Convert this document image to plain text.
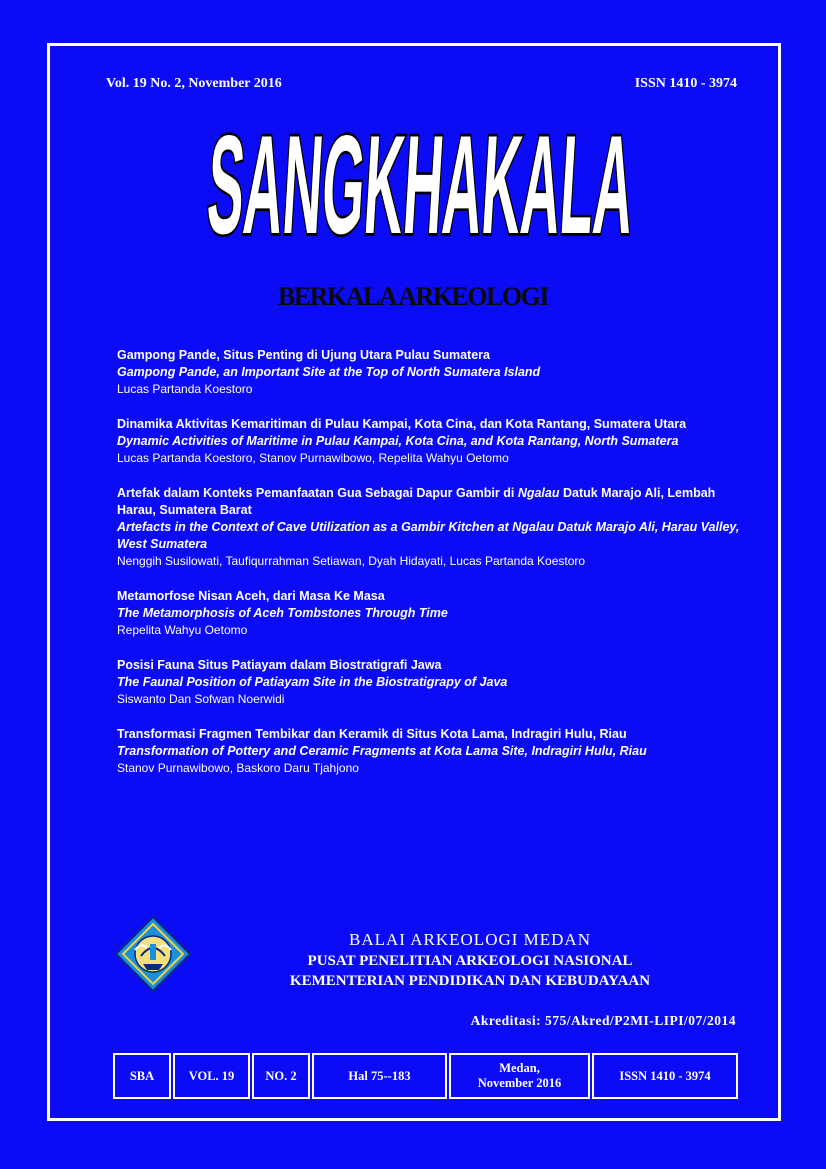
Vol. 19 No. 2, November 2016	ISSN 1410 - 3974
SANGKHAKALA
BERKALA ARKEOLOGI
Gampong Pande, Situs Penting di Ujung Utara Pulau Sumatera
Gampong Pande, an Important Site at the Top of North Sumatera Island
Lucas Partanda Koestoro
Dinamika Aktivitas Kemaritiman di Pulau Kampai, Kota Cina, dan Kota Rantang, Sumatera Utara
Dynamic Activities of Maritime in Pulau Kampai, Kota Cina, and Kota Rantang, North Sumatera
Lucas Partanda Koestoro, Stanov Purnawibowo, Repelita Wahyu Oetomo
Artefak dalam Konteks Pemanfaatan Gua Sebagai Dapur Gambir di Ngalau Datuk Marajo Ali, Lembah Harau, Sumatera Barat
Artefacts in the Context of Cave Utilization as a Gambir Kitchen at Ngalau Datuk Marajo Ali, Harau Valley, West Sumatera
Nenggih Susilowati, Taufiqurrahman Setiawan, Dyah Hidayati, Lucas Partanda Koestoro
Metamorfose Nisan Aceh, dari Masa Ke Masa
The Metamorphosis of Aceh Tombstones Through Time
Repelita Wahyu Oetomo
Posisi Fauna Situs Patiayam dalam Biostratigrafi Jawa
The Faunal Position of Patiayam Site in the Biostratigrapy of Java
Siswanto Dan Sofwan Noerwidi
Transformasi Fragmen Tembikar dan Keramik di Situs Kota Lama, Indragiri Hulu, Riau
Transformation of Pottery and Ceramic Fragments at Kota Lama Site, Indragiri Hulu, Riau
Stanov Purnawibowo, Baskoro Daru Tjahjono
BALAI ARKEOLOGI MEDAN
PUSAT PENELITIAN ARKEOLOGI NASIONAL
KEMENTERIAN PENDIDIKAN DAN KEBUDAYAAN
Akreditasi: 575/Akred/P2MI-LIPI/07/2014
SBA	VOL. 19	NO. 2	Hal 75--183
Medan,
November 2016
ISSN 1410 - 3974
